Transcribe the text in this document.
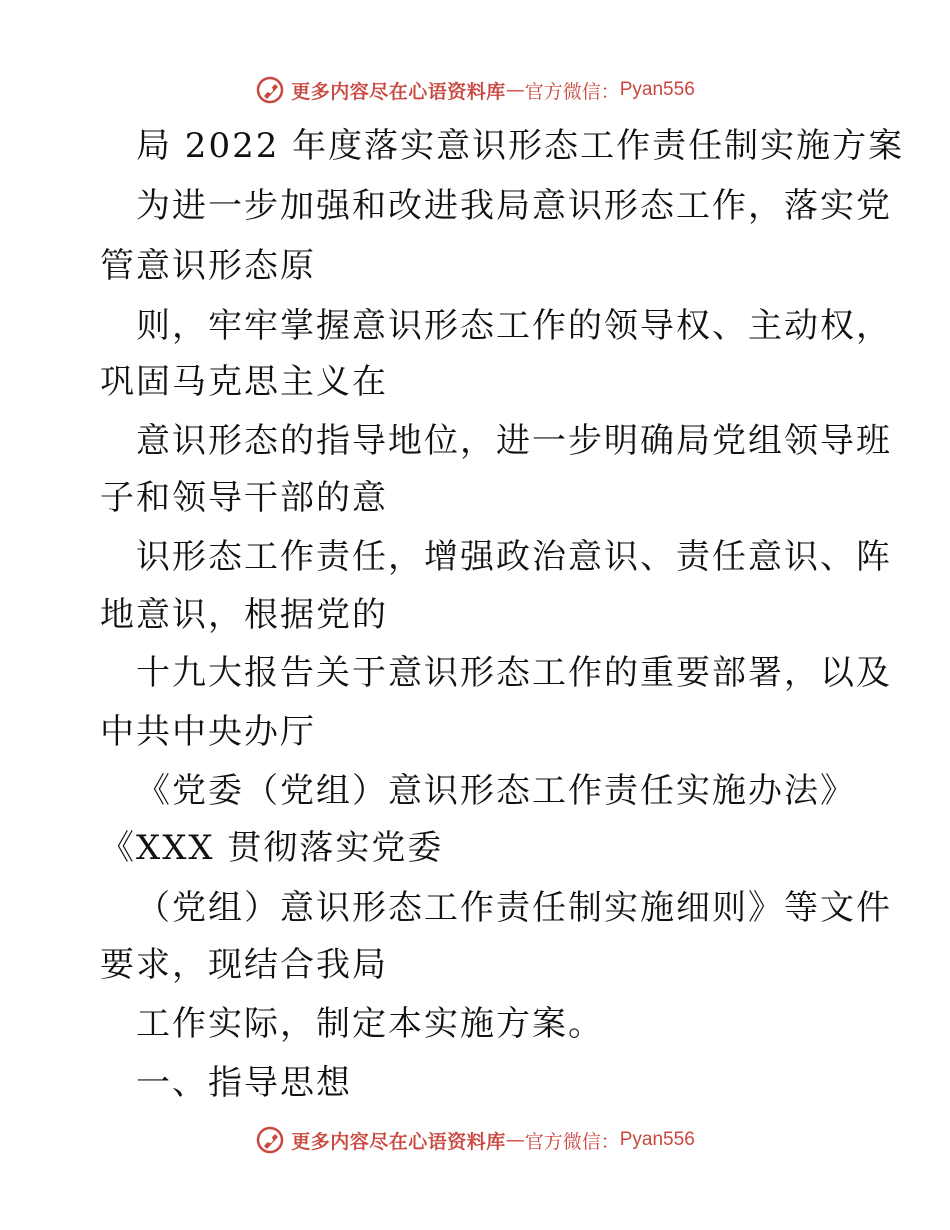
更多内容尽在心语资料库 — 官方微信： Pyan556
局 2022 年度落实意识形态工作责任制实施方案
为进一步加强和改进我局意识形态工作，落实党
管意识形态原
则，牢牢掌握意识形态工作的领导权、主动权，
巩固马克思主义在
意识形态的指导地位，进一步明确局党组领导班
子和领导干部的意
识形态工作责任，增强政治意识、责任意识、阵
地意识，根据党的
十九大报告关于意识形态工作的重要部署，以及
中共中央办厅
《党委（党组）意识形态工作责任实施办法》
《XXX 贯彻落实党委
（党组）意识形态工作责任制实施细则》等文件
要求，现结合我局
工作实际，制定本实施方案。
一、指导思想
更多内容尽在心语资料库 — 官方微信： Pyan556
